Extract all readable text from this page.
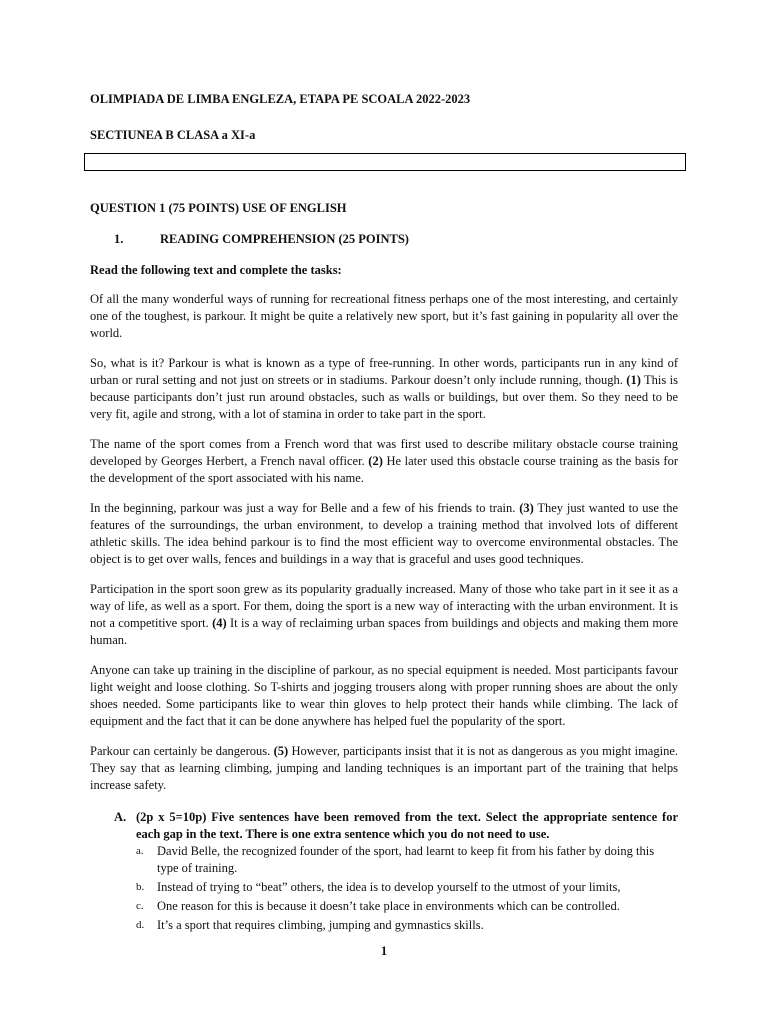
OLIMPIADA DE LIMBA ENGLEZA, ETAPA PE SCOALA 2022-2023
SECTIUNEA B CLASA a XI-a
QUESTION 1 (75 POINTS) USE OF ENGLISH
1.	READING COMPREHENSION (25 POINTS)
Read the following text and complete the tasks:

Of all the many wonderful ways of running for recreational fitness perhaps one of the most interesting, and certainly one of the toughest, is parkour. It might be quite a relatively new sport, but it’s fast gaining in popularity all over the world.

So, what is it? Parkour is what is known as a type of free-running. In other words, participants run in any kind of urban or rural setting and not just on streets or in stadiums. Parkour doesn’t only include running, though. (1) This is because participants don’t just run around obstacles, such as walls or buildings, but over them. So they need to be very fit, agile and strong, with a lot of stamina in order to take part in the sport.

The name of the sport comes from a French word that was first used to describe military obstacle course training developed by Georges Herbert, a French naval officer. (2) He later used this obstacle course training as the basis for the development of the sport associated with his name.

In the beginning, parkour was just a way for Belle and a few of his friends to train. (3) They just wanted to use the features of the surroundings, the urban environment, to develop a training method that involved lots of different athletic skills. The idea behind parkour is to find the most efficient way to overcome environmental obstacles. The object is to get over walls, fences and buildings in a way that is graceful and uses good techniques.

Participation in the sport soon grew as its popularity gradually increased. Many of those who take part in it see it as a way of life, as well as a sport. For them, doing the sport is a new way of interacting with the urban environment. It is not a competitive sport. (4) It is a way of reclaiming urban spaces from buildings and objects and making them more human.

Anyone can take up training in the discipline of parkour, as no special equipment is needed. Most participants favour light weight and loose clothing. So T-shirts and jogging trousers along with proper running shoes are about the only shoes needed. Some participants like to wear thin gloves to help protect their hands while climbing. The lack of equipment and the fact that it can be done anywhere has helped fuel the popularity of the sport.

Parkour can certainly be dangerous. (5) However, participants insist that it is not as dangerous as you might imagine. They say that as learning climbing, jumping and landing techniques is an important part of the training that helps increase safety.

A. (2p x 5=10p) Five sentences have been removed from the text. Select the appropriate sentence for each gap in the text. There is one extra sentence which you do not need to use.
a. David Belle, the recognized founder of the sport, had learnt to keep fit from his father by doing this type of training.
b. Instead of trying to “beat” others, the idea is to develop yourself to the utmost of your limits,
c. One reason for this is because it doesn’t take place in environments which can be controlled.
d. It’s a sport that requires climbing, jumping and gymnastics skills.
1
